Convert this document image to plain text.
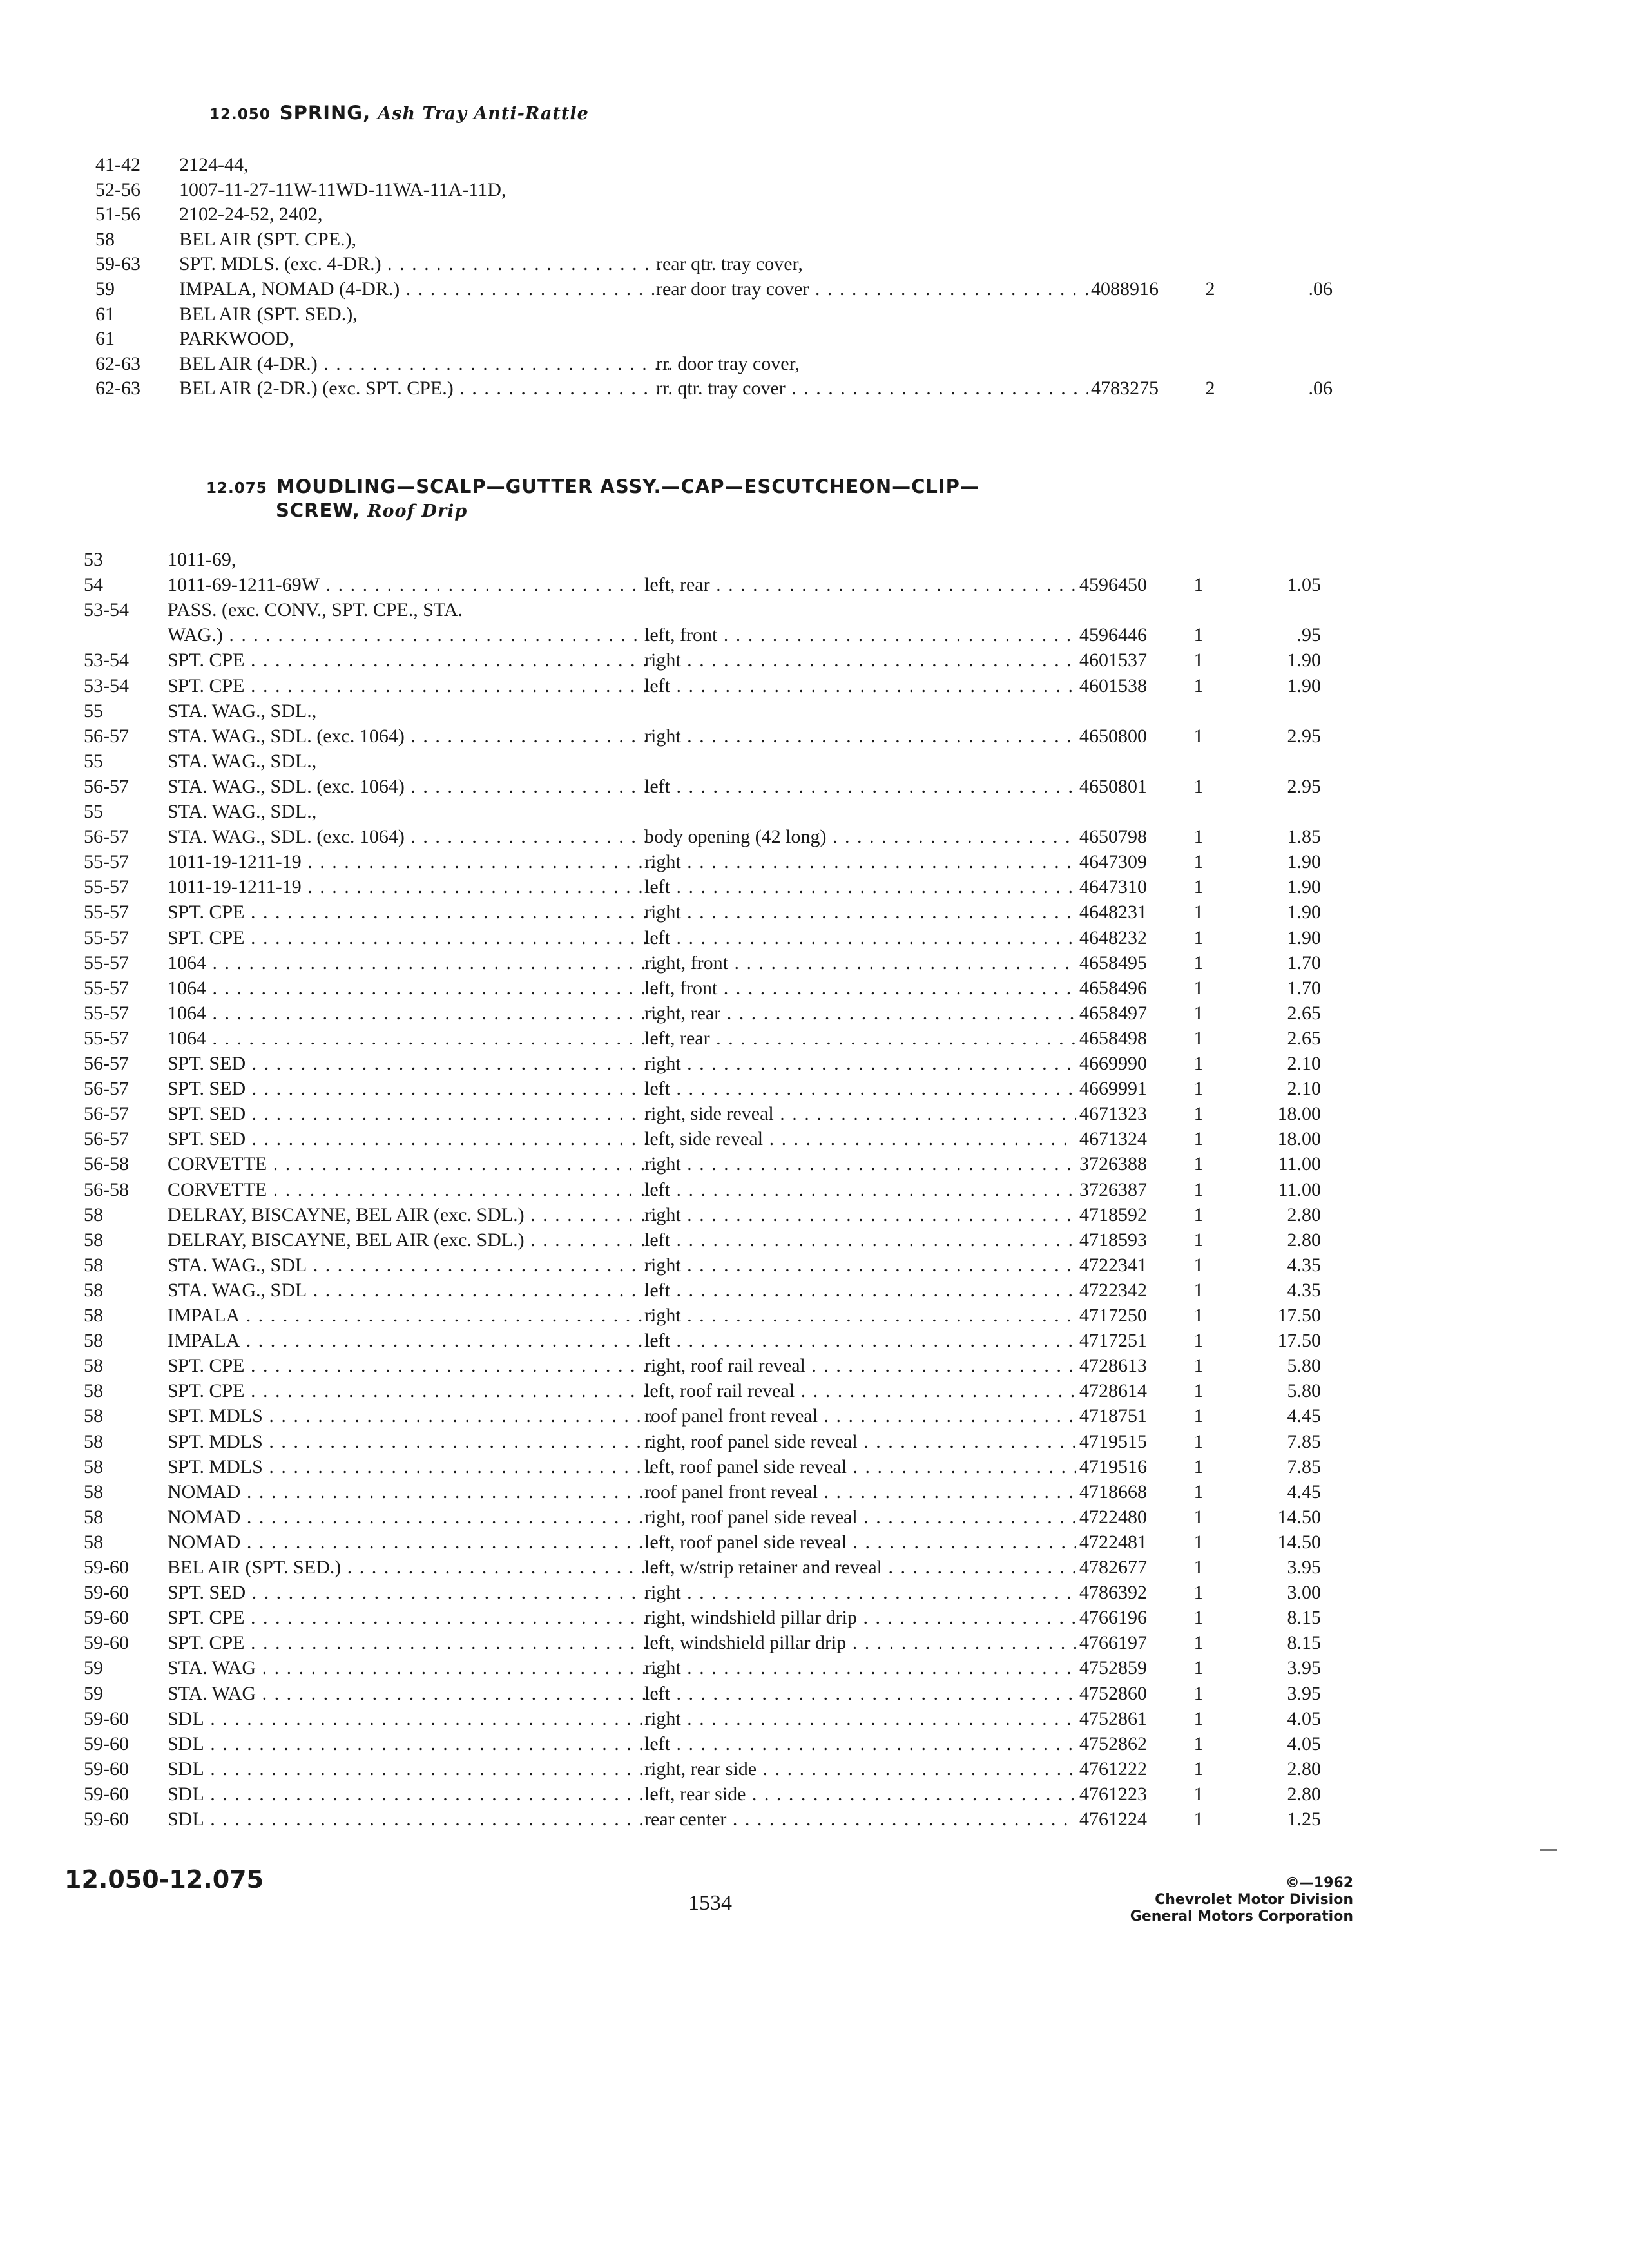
12.050 SPRING, Ash Tray Anti-Rattle
41-42	2124-44,
52-56	1007-11-27-11W-11WD-11WA-11A-11D,
51-56	2102-24-52, 2402,
58	BEL AIR (SPT. CPE.),
59-63	SPT. MDLS. (exc. 4-DR.) . . .	rear qtr. tray cover,
59	IMPALA, NOMAD (4-DR.) . . .	rear door tray cover . . .	4088916	2	.06
61	BEL AIR (SPT. SED.),
61	PARKWOOD,
62-63	BEL AIR (4-DR.) . . .	rr. door tray cover,
62-63	BEL AIR (2-DR.) (exc. SPT. CPE.) . . .	rr. qtr. tray cover . . .	4783275	2	.06
12.075 MOUDLING—SCALP—GUTTER ASSY.—CAP—ESCUTCHEON—CLIP—
SCREW, Roof Drip
53	1011-69,
54	1011-69-1211-69W . . .	left, rear . . .	4596450	1	1.05
53-54	PASS. (exc. CONV., SPT. CPE., STA.
WAG.) . . .	left, front . . .	4596446	1	.95
53-54	SPT. CPE . . .	right . . .	4601537	1	1.90
53-54	SPT. CPE . . .	left . . .	4601538	1	1.90
55	STA. WAG., SDL.,
56-57	STA. WAG., SDL. (exc. 1064) . . .	right . . .	4650800	1	2.95
55	STA. WAG., SDL.,
56-57	STA. WAG., SDL. (exc. 1064) . . .	left . . .	4650801	1	2.95
55	STA. WAG., SDL.,
56-57	STA. WAG., SDL. (exc. 1064) . . .	body opening (42 long) . . .	4650798	1	1.85
55-57	1011-19-1211-19 . . .	right . . .	4647309	1	1.90
55-57	1011-19-1211-19 . . .	left . . .	4647310	1	1.90
55-57	SPT. CPE . . .	right . . .	4648231	1	1.90
55-57	SPT. CPE . . .	left . . .	4648232	1	1.90
55-57	1064 . . .	right, front . . .	4658495	1	1.70
55-57	1064 . . .	left, front . . .	4658496	1	1.70
55-57	1064 . . .	right, rear . . .	4658497	1	2.65
55-57	1064 . . .	left, rear . . .	4658498	1	2.65
56-57	SPT. SED . . .	right . . .	4669990	1	2.10
56-57	SPT. SED . . .	left . . .	4669991	1	2.10
56-57	SPT. SED . . .	right, side reveal . . .	4671323	1	18.00
56-57	SPT. SED . . .	left, side reveal . . .	4671324	1	18.00
56-58	CORVETTE . . .	right . . .	3726388	1	11.00
56-58	CORVETTE . . .	left . . .	3726387	1	11.00
58	DELRAY, BISCAYNE, BEL AIR (exc. SDL.) . . .	right . . .	4718592	1	2.80
58	DELRAY, BISCAYNE, BEL AIR (exc. SDL.) . . .	left . . .	4718593	1	2.80
58	STA. WAG., SDL . . .	right . . .	4722341	1	4.35
58	STA. WAG., SDL . . .	left . . .	4722342	1	4.35
58	IMPALA . . .	right . . .	4717250	1	17.50
58	IMPALA . . .	left . . .	4717251	1	17.50
58	SPT. CPE . . .	right, roof rail reveal . . .	4728613	1	5.80
58	SPT. CPE . . .	left, roof rail reveal . . .	4728614	1	5.80
58	SPT. MDLS . . .	roof panel front reveal . . .	4718751	1	4.45
58	SPT. MDLS . . .	right, roof panel side reveal . . .	4719515	1	7.85
58	SPT. MDLS . . .	left, roof panel side reveal . . .	4719516	1	7.85
58	NOMAD . . .	roof panel front reveal . . .	4718668	1	4.45
58	NOMAD . . .	right, roof panel side reveal . . .	4722480	1	14.50
58	NOMAD . . .	left, roof panel side reveal . . .	4722481	1	14.50
59-60	BEL AIR (SPT. SED.) . . .	left, w/strip retainer and reveal . . .	4782677	1	3.95
59-60	SPT. SED . . .	right . . .	4786392	1	3.00
59-60	SPT. CPE . . .	right, windshield pillar drip . . .	4766196	1	8.15
59-60	SPT. CPE . . .	left, windshield pillar drip . . .	4766197	1	8.15
59	STA. WAG . . .	right . . .	4752859	1	3.95
59	STA. WAG . . .	left . . .	4752860	1	3.95
59-60	SDL . . .	right . . .	4752861	1	4.05
59-60	SDL . . .	left . . .	4752862	1	4.05
59-60	SDL . . .	right, rear side . . .	4761222	1	2.80
59-60	SDL . . .	left, rear side . . .	4761223	1	2.80
59-60	SDL . . .	rear center . . .	4761224	1	1.25
12.050-12.075
1534
©—1962
Chevrolet Motor Division
General Motors Corporation
